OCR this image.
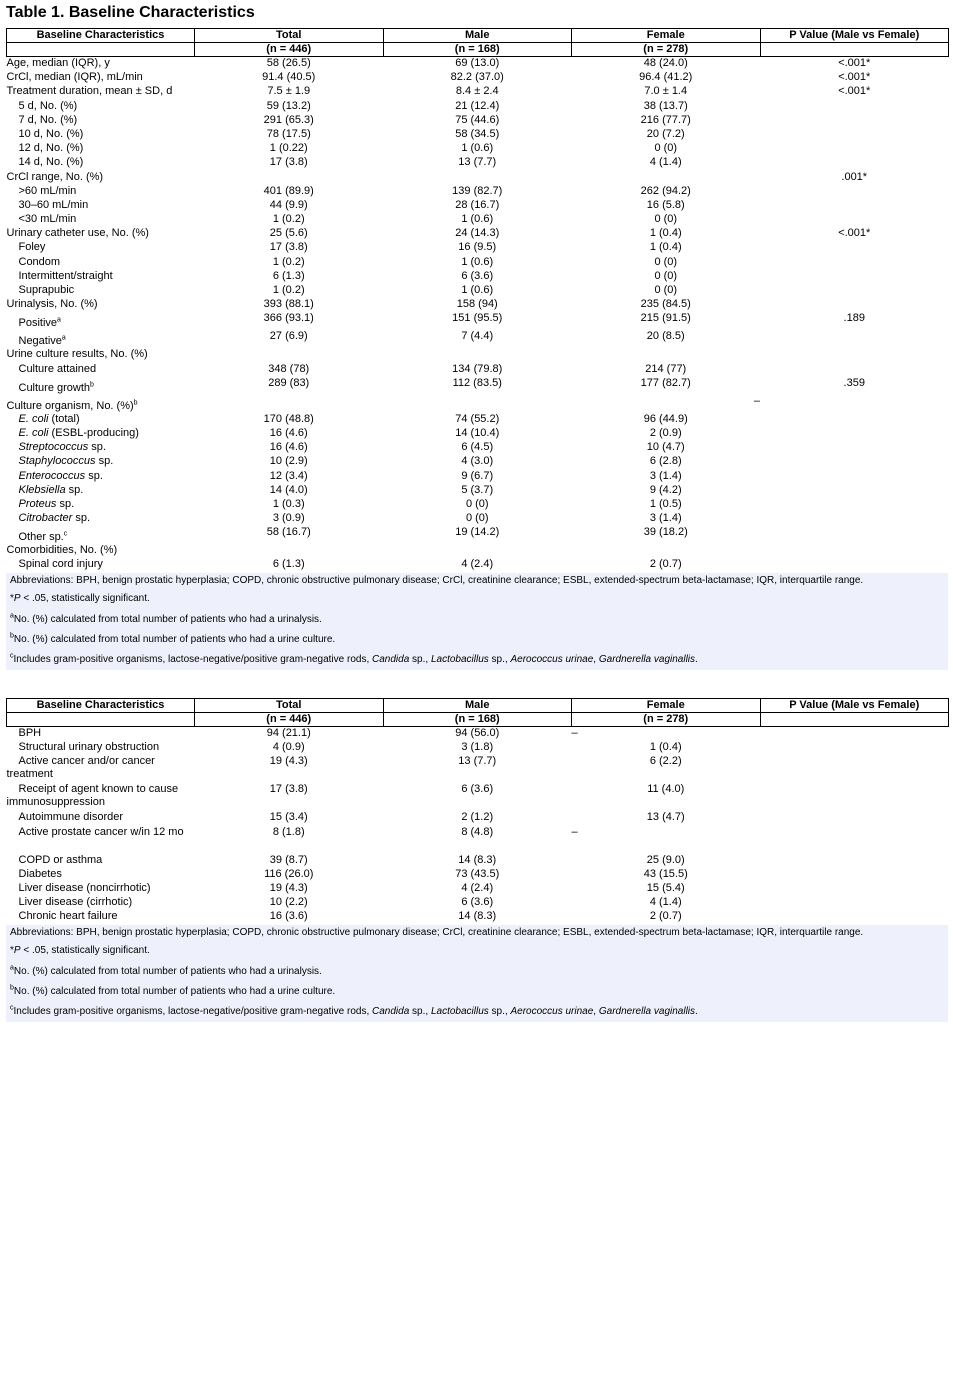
Table 1. Baseline Characteristics
Baseline Characteristics	Total	Male	Female	P Value (Male vs Female)
	(n = 446)	(n = 168)	(n = 278)	
Age, median (IQR), y	58 (26.5)	69 (13.0)	48 (24.0)	<.001*
CrCl, median (IQR), mL/min	91.4 (40.5)	82.2 (37.0)	96.4 (41.2)	<.001*
Treatment duration, mean ± SD, d	7.5 ± 1.9	8.4 ± 2.4	7.0 ± 1.4	<.001*
5 d, No. (%)	59 (13.2)	21 (12.4)	38 (13.7)	
7 d, No. (%)	291 (65.3)	75 (44.6)	216 (77.7)	
10 d, No. (%)	78 (17.5)	58 (34.5)	20 (7.2)	
12 d, No. (%)	1 (0.22)	1 (0.6)	0 (0)	
14 d, No. (%)	17 (3.8)	13 (7.7)	4 (1.4)	
CrCl range, No. (%)				.001*
>60 mL/min	401 (89.9)	139 (82.7)	262 (94.2)	
30–60 mL/min	44 (9.9)	28 (16.7)	16 (5.8)	
<30 mL/min	1 (0.2)	1 (0.6)	0 (0)	
Urinary catheter use, No. (%)	25 (5.6)	24 (14.3)	1 (0.4)	<.001*
Foley	17 (3.8)	16 (9.5)	1 (0.4)	
Condom	1 (0.2)	1 (0.6)	0 (0)	
Intermittent/straight	6 (1.3)	6 (3.6)	0 (0)	
Suprapubic	1 (0.2)	1 (0.6)	0 (0)	
Urinalysis, No. (%)	393 (88.1)	158 (94)	235 (84.5)	
Positive$^a$	366 (93.1)	151 (95.5)	215 (91.5)	.189
Negative$^a$	27 (6.9)	7 (4.4)	20 (8.5)	
Urine culture results, No. (%)				
Culture attained	348 (78)	134 (79.8)	214 (77)	
Culture growth$^b$	289 (83)	112 (83.5)	177 (82.7)	.359
Culture organism, No. (%)$^b$			–	
E. coli (total)	170 (48.8)	74 (55.2)	96 (44.9)	
E. coli (ESBL-producing)	16 (4.6)	14 (10.4)	2 (0.9)	
Streptococcus sp.	16 (4.6)	6 (4.5)	10 (4.7)	
Staphylococcus sp.	10 (2.9)	4 (3.0)	6 (2.8)	
Enterococcus sp.	12 (3.4)	9 (6.7)	3 (1.4)	
Klebsiella sp.	14 (4.0)	5 (3.7)	9 (4.2)	
Proteus sp.	1 (0.3)	0 (0)	1 (0.5)	
Citrobacter sp.	3 (0.9)	0 (0)	3 (1.4)	
Other sp.$^c$	58 (16.7)	19 (14.2)	39 (18.2)	
Comorbidities, No. (%)				
Spinal cord injury	6 (1.3)	4 (2.4)	2 (0.7)	
Abbreviations: BPH, benign prostatic hyperplasia; COPD, chronic obstructive pulmonary disease; CrCl, creatinine clearance; ESBL, extended-spectrum beta-lactamase; IQR, interquartile range.
*P < .05, statistically significant.
$^a$No. (%) calculated from total number of patients who had a urinalysis.
$^b$No. (%) calculated from total number of patients who had a urine culture.
$^c$Includes gram-positive organisms, lactose-negative/positive gram-negative rods, Candida sp., Lactobacillus sp., Aerococcus urinae, Gardnerella vaginallis.
Baseline Characteristics	Total	Male	Female	P Value (Male vs Female)
	(n = 446)	(n = 168)	(n = 278)	
BPH	94 (21.1)	94 (56.0)	–	
Structural urinary obstruction	4 (0.9)	3 (1.8)	1 (0.4)	
Active cancer and/or cancer treatment	19 (4.3)	13 (7.7)	6 (2.2)	
Receipt of agent known to cause immunosuppression	17 (3.8)	6 (3.6)	11 (4.0)	
Autoimmune disorder	15 (3.4)	2 (1.2)	13 (4.7)	
Active prostate cancer w/in 12 mo	8 (1.8)	8 (4.8)	–	
COPD or asthma	39 (8.7)	14 (8.3)	25 (9.0)	
Diabetes	116 (26.0)	73 (43.5)	43 (15.5)	
Liver disease (noncirrhotic)	19 (4.3)	4 (2.4)	15 (5.4)	
Liver disease (cirrhotic)	10 (2.2)	6 (3.6)	4 (1.4)	
Chronic heart failure	16 (3.6)	14 (8.3)	2 (0.7)	
Abbreviations: BPH, benign prostatic hyperplasia; COPD, chronic obstructive pulmonary disease; CrCl, creatinine clearance; ESBL, extended-spectrum beta-lactamase; IQR, interquartile range.
*P < .05, statistically significant.
$^a$No. (%) calculated from total number of patients who had a urinalysis.
$^b$No. (%) calculated from total number of patients who had a urine culture.
$^c$Includes gram-positive organisms, lactose-negative/positive gram-negative rods, Candida sp., Lactobacillus sp., Aerococcus urinae, Gardnerella vaginallis.
